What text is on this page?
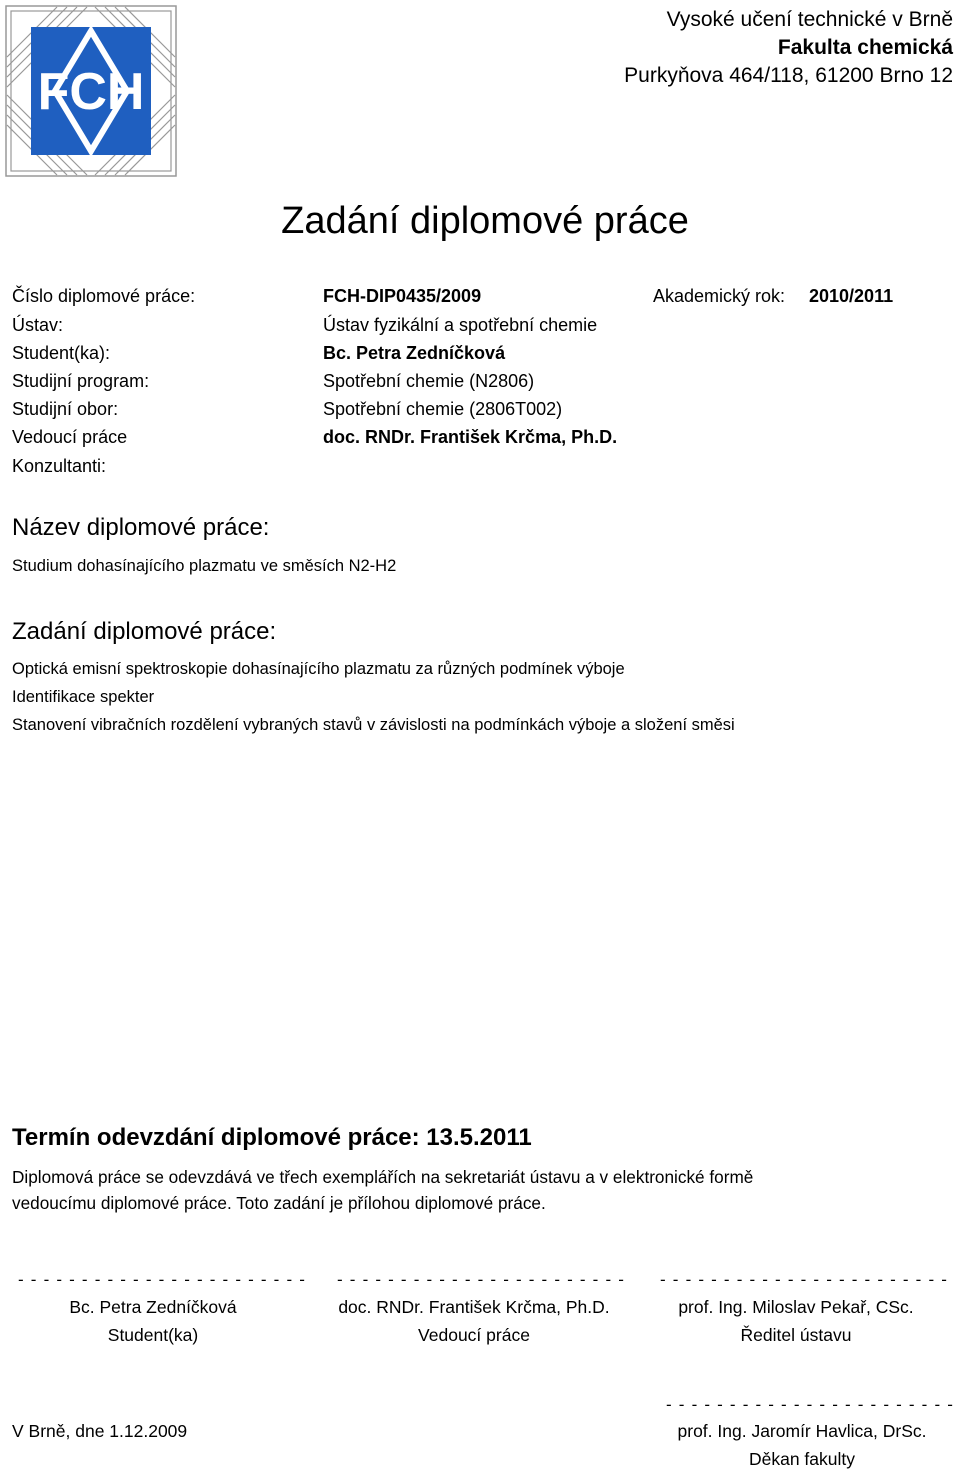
FCH
Vysoké učení technické v Brně
Fakulta chemická
Purkyňova 464/118, 61200 Brno 12
Zadání diplomové práce
Číslo diplomové práce:	FCH-DIP0435/2009	Akademický rok: 2010/2011
Ústav:	Ústav fyzikální a spotřební chemie
Student(ka):	Bc. Petra Zedníčková
Studijní program:	Spotřební chemie (N2806)
Studijní obor:	Spotřební chemie (2806T002)
Vedoucí práce	doc. RNDr. František Krčma, Ph.D.
Konzultanti:
Název diplomové práce:
Studium dohasínajícího plazmatu ve směsích N2-H2
Zadání diplomové práce:
Optická emisní spektroskopie dohasínajícího plazmatu za různých podmínek výboje
Identifikace spekter
Stanovení vibračních rozdělení vybraných stavů v závislosti na podmínkách výboje a složení směsi
Termín odevzdání diplomové práce: 13.5.2011
Diplomová práce se odevzdává ve třech exemplářích na sekretariát ústavu a v elektronické formě
vedoucímu diplomové práce. Toto zadání je přílohou diplomové práce.
- - - - - - - - - - - - - - - - - - - - - - - - - - - - - - - - - - - - - - - - - - - - - - - - - - - - - - - - - - - - - - - - - - - - -
Bc. Petra Zedníčková
Student(ka)
doc. RNDr. František Krčma, Ph.D.
Vedoucí práce
prof. Ing. Miloslav Pekař, CSc.
Ředitel ústavu
- - - - - - - - - - - - - - - - - - - - - - -
V Brně, dne 1.12.2009	prof. Ing. Jaromír Havlica, DrSc.
Děkan fakulty
